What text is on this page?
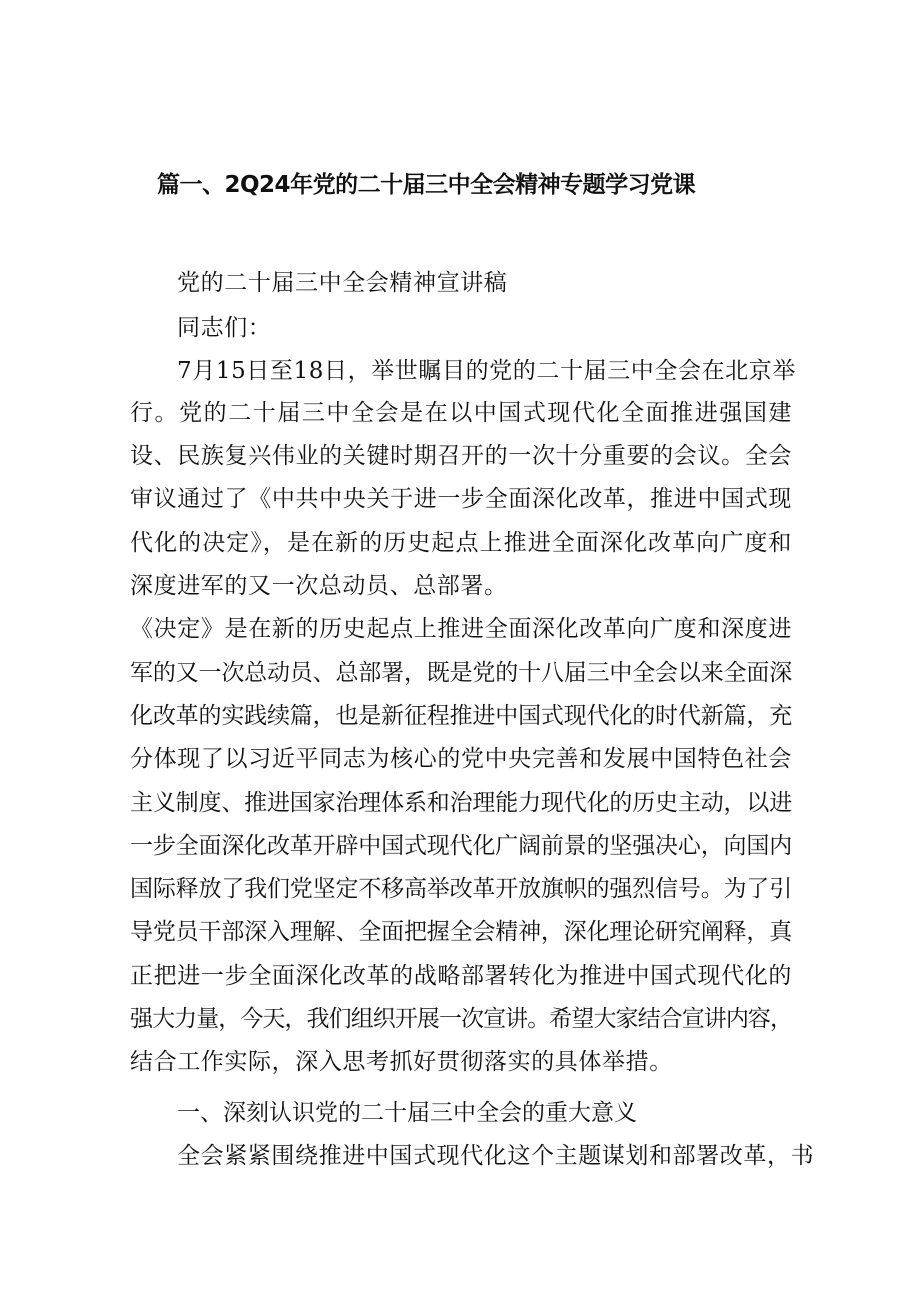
篇一、2Q24年党的二十届三中全会精神专题学习党课
党的二十届三中全会精神宣讲稿
同志们：
7月15日至18日，举世瞩目的党的二十届三中全会在北京举
行。党的二十届三中全会是在以中国式现代化全面推进强国建
设、民族复兴伟业的关键时期召开的一次十分重要的会议。全会
审议通过了《中共中央关于进一步全面深化改革，推进中国式现
代化的决定》，是在新的历史起点上推进全面深化改革向广度和
深度进军的又一次总动员、总部署。
《决定》是在新的历史起点上推进全面深化改革向广度和深度进
军的又一次总动员、总部署，既是党的十八届三中全会以来全面深
化改革的实践续篇，也是新征程推进中国式现代化的时代新篇，充
分体现了以习近平同志为核心的党中央完善和发展中国特色社会
主义制度、推进国家治理体系和治理能力现代化的历史主动，以进
一步全面深化改革开辟中国式现代化广阔前景的坚强决心，向国内
国际释放了我们党坚定不移高举改革开放旗帜的强烈信号。为了引
导党员干部深入理解、全面把握全会精神，深化理论研究阐释，真
正把进一步全面深化改革的战略部署转化为推进中国式现代化的
强大力量，今天，我们组织开展一次宣讲。希望大家结合宣讲内容，
结合工作实际，深入思考抓好贯彻落实的具体举措。
一、深刻认识党的二十届三中全会的重大意义
全会紧紧围绕推进中国式现代化这个主题谋划和部署改革，书
